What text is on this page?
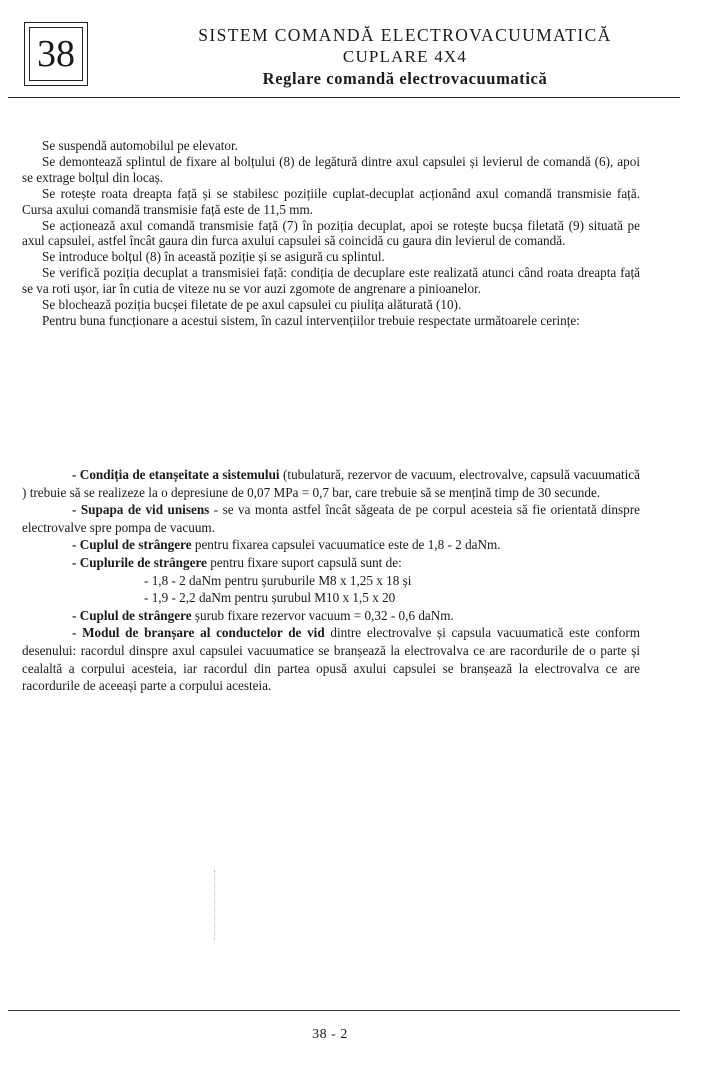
38	SISTEM COMANDĂ ELECTROVACUUMATICĂ
CUPLARE 4X4
Reglare comandă electrovacuumatică

Se suspendă automobilul pe elevator.

Se demontează splintul de fixare al bolțului (8) de legătură dintre axul capsulei și levierul de comandă (6), apoi se extrage bolțul din locaș.

Se rotește roata dreapta față și se stabilesc pozițiile cuplat-decuplat acționând axul comandă transmisie față. Cursa axului comandă transmisie față este de 11,5 mm.

Se acționează axul comandă transmisie față (7) în poziția decuplat, apoi se rotește bucșa filetată (9) situată pe axul capsulei, astfel încât gaura din furca axului capsulei să coincidă cu gaura din levierul de comandă.

Se introduce bolțul (8) în această poziție și se asigură cu splintul.

Se verifică poziția decuplat a transmisiei față: condiția de decuplare este realizată atunci când roata dreapta față se va roti ușor, iar în cutia de viteze nu se vor auzi zgomote de angrenare a pinioanelor.

Se blochează poziția bucșei filetate de pe axul capsulei cu piulița alăturată (10).

Pentru buna funcționare a acestui sistem, în cazul intervențiilor trebuie respectate următoarele cerințe:

- Condiția de etanșeitate a sistemului (tubulatură, rezervor de vacuum, electrovalve, capsulă vacuumatică ) trebuie să se realizeze la o depresiune de 0,07 MPa = 0,7 bar, care trebuie să se mențină timp de 30 secunde.

- Supapa de vid unisens - se va monta astfel încât săgeata de pe corpul acesteia să fie orientată dinspre electrovalve spre pompa de vacuum.

- Cuplul de strângere pentru fixarea capsulei vacuumatice este de 1,8 - 2 daNm.

- Cuplurile de strângere pentru fixare suport capsulă sunt de:

- 1,8 - 2 daNm pentru șuruburile M8 x 1,25 x 18 și

- 1,9 - 2,2 daNm pentru șurubul M10 x 1,5 x 20

- Cuplul de strângere șurub fixare rezervor vacuum = 0,32 - 0,6 daNm.

- Modul de branșare al conductelor de vid dintre electrovalve și capsula vacuumatică este conform desenului: racordul dinspre axul capsulei vacuumatice se branșează la electrovalva ce are racordurile de o parte și cealaltă a corpului acesteia, iar racordul din partea opusă axului capsulei se branșează la electrovalva ce are racordurile de aceeași parte a corpului acesteia.

38 - 2
